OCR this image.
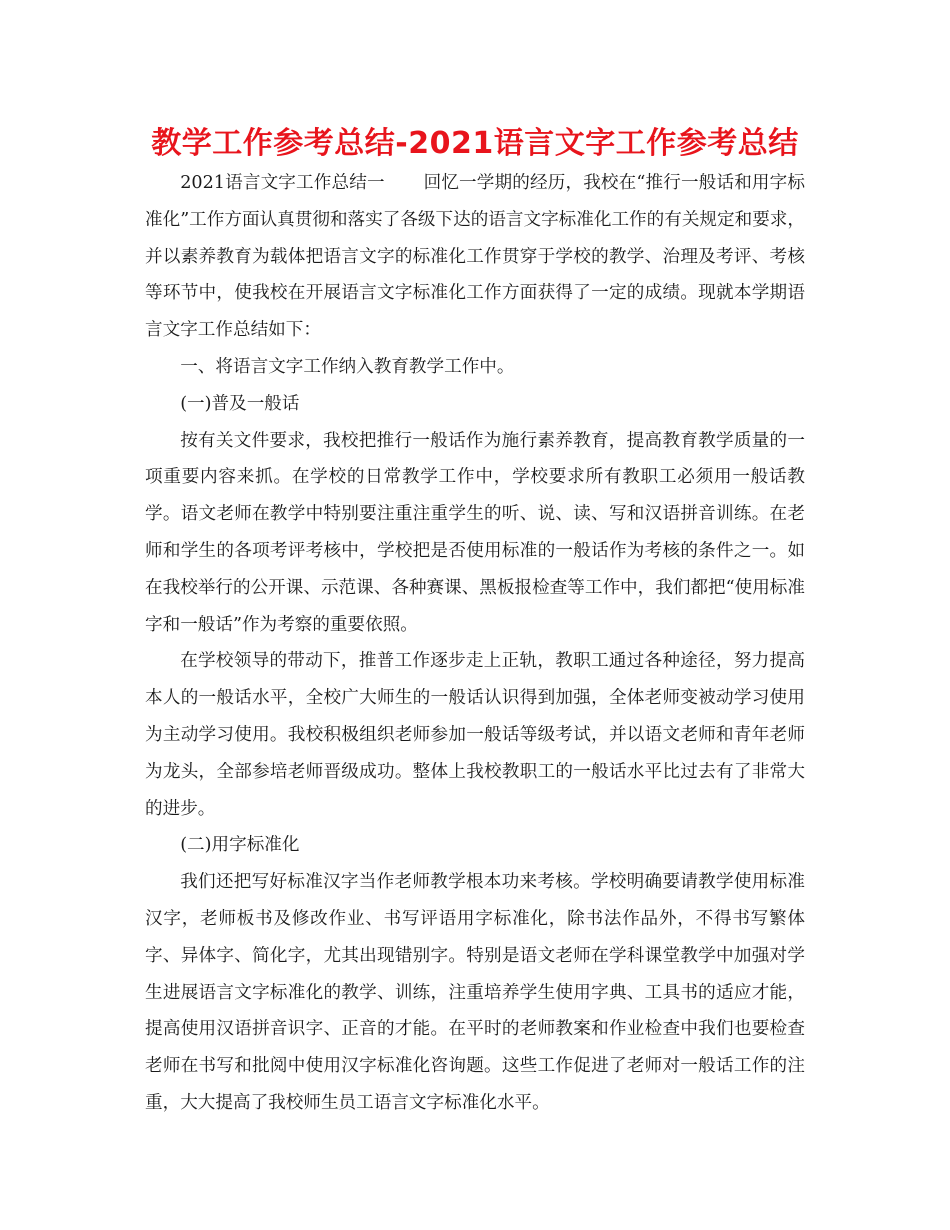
教学工作参考总结-2021语言文字工作参考总结

2021语言文字工作总结一 回忆一学期的经历，我校在“推行一般话和用字标准化”工作方面认真贯彻和落实了各级下达的语言文字标准化工作的有关规定和要求，并以素养教育为载体把语言文字的标准化工作贯穿于学校的教学、治理及考评、考核等环节中，使我校在开展语言文字标准化工作方面获得了一定的成绩。现就本学期语言文字工作总结如下：

一、将语言文字工作纳入教育教学工作中。

(一)普及一般话

按有关文件要求，我校把推行一般话作为施行素养教育，提高教育教学质量的一项重要内容来抓。在学校的日常教学工作中，学校要求所有教职工必须用一般话教学。语文老师在教学中特别要注重注重学生的听、说、读、写和汉语拼音训练。在老师和学生的各项考评考核中，学校把是否使用标准的一般话作为考核的条件之一。如在我校举行的公开课、示范课、各种赛课、黑板报检查等工作中，我们都把“使用标准字和一般话”作为考察的重要依照。

在学校领导的带动下，推普工作逐步走上正轨，教职工通过各种途径，努力提高本人的一般话水平，全校广大师生的一般话认识得到加强，全体老师变被动学习使用为主动学习使用。我校积极组织老师参加一般话等级考试，并以语文老师和青年老师为龙头，全部参培老师晋级成功。整体上我校教职工的一般话水平比过去有了非常大的进步。

(二)用字标准化

我们还把写好标准汉字当作老师教学根本功来考核。学校明确要请教学使用标准汉字，老师板书及修改作业、书写评语用字标准化，除书法作品外，不得书写繁体字、异体字、简化字，尤其出现错别字。特别是语文老师在学科课堂教学中加强对学生进展语言文字标准化的教学、训练，注重培养学生使用字典、工具书的适应才能，提高使用汉语拼音识字、正音的才能。在平时的老师教案和作业检查中我们也要检查老师在书写和批阅中使用汉字标准化咨询题。这些工作促进了老师对一般话工作的注重，大大提高了我校师生员工语言文字标准化水平。
